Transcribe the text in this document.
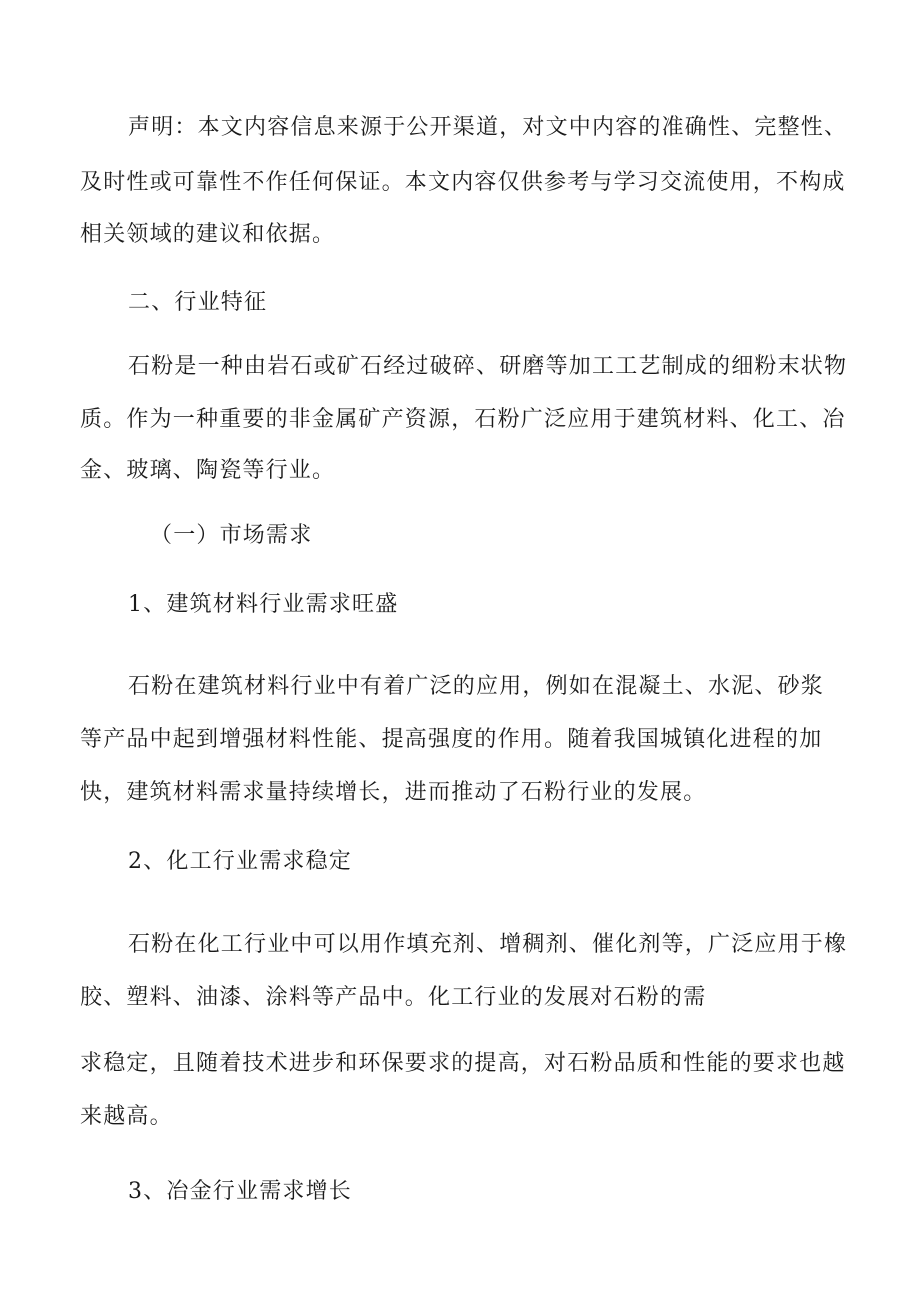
声明：本文内容信息来源于公开渠道，对文中内容的准确性、完整性、
及时性或可靠性不作任何保证。本文内容仅供参考与学习交流使用，不构成
相关领域的建议和依据。
二、行业特征
石粉是一种由岩石或矿石经过破碎、研磨等加工工艺制成的细粉末状物
质。作为一种重要的非金属矿产资源，石粉广泛应用于建筑材料、化工、冶
金、玻璃、陶瓷等行业。
（一）市场需求
1、建筑材料行业需求旺盛
石粉在建筑材料行业中有着广泛的应用，例如在混凝土、水泥、砂浆
等产品中起到增强材料性能、提高强度的作用。随着我国城镇化进程的加
快，建筑材料需求量持续增长，进而推动了石粉行业的发展。
2、化工行业需求稳定
石粉在化工行业中可以用作填充剂、增稠剂、催化剂等，广泛应用于橡
胶、塑料、油漆、涂料等产品中。化工行业的发展对石粉的需
求稳定，且随着技术进步和环保要求的提高，对石粉品质和性能的要求也越
来越高。
3、冶金行业需求增长
